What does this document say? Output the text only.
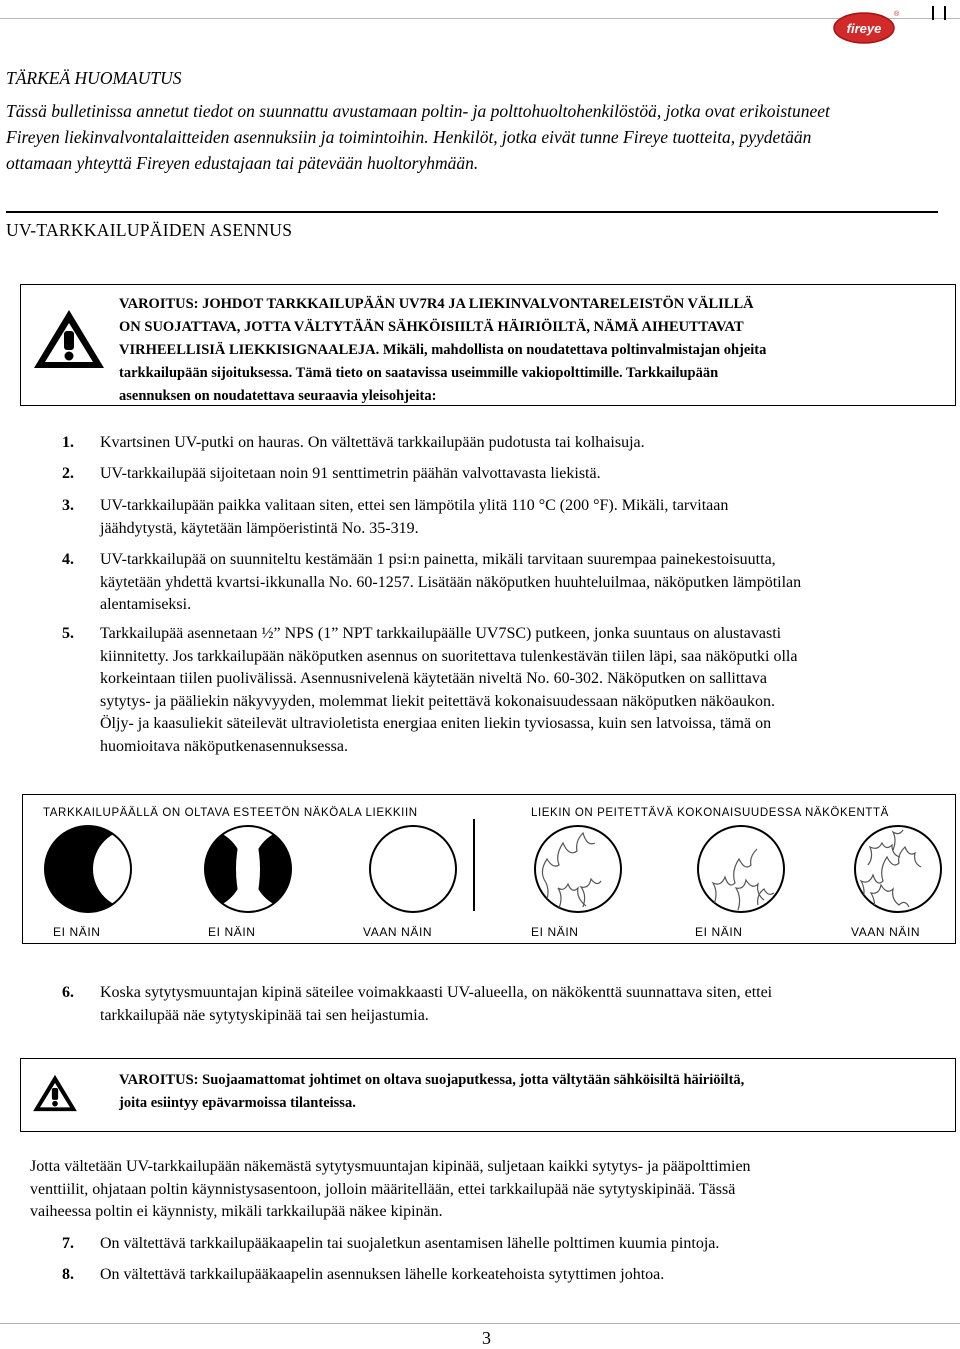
fireye
®
TÄRKEÄ HUOMAUTUS
Tässä bulletinissa annetut tiedot on suunnattu avustamaan poltin- ja polttohuoltohenkilöstöä, jotka ovat erikoistuneet
Fireyen liekinvalvontalaitteiden asennuksiin ja toimintoihin. Henkilöt, jotka eivät tunne Fireye tuotteita, pyydetään
ottamaan yhteyttä Fireyen edustajaan tai pätevään huoltoryhmään.
UV-TARKKAILUPÄIDEN ASENNUS
VAROITUS: JOHDOT TARKKAILUPÄÄN UV7R4 JA LIEKINVALVONTARELEISTÖN VÄLILLÄ
ON SUOJATTAVA, JOTTA VÄLTYTÄÄN SÄHKÖISIILTÄ HÄIRIÖILTÄ, NÄMÄ AIHEUTTAVAT
VIRHEELLISIÄ LIEKKISIGNAALEJA. Mikäli, mahdollista on noudatettava poltinvalmistajan ohjeita
tarkkailupään sijoituksessa. Tämä tieto on saatavissa useimmille vakiopolttimille. Tarkkailupään
asennuksen on noudatettava seuraavia yleisohjeita:
1. Kvartsinen UV-putki on hauras. On vältettävä tarkkailupään pudotusta tai kolhaisuja.
2. UV-tarkkailupää sijoitetaan noin 91 senttimetrin päähän valvottavasta liekistä.
3. UV-tarkkailupään paikka valitaan siten, ettei sen lämpötila ylitä 110 °C (200 °F). Mikäli, tarvitaan
jäähdytystä, käytetään lämpöeristintä No. 35-319.
4. UV-tarkkailupää on suunniteltu kestämään 1 psi:n painetta, mikäli tarvitaan suurempaa painekestoisuutta,
käytetään yhdettä kvartsi-ikkunalla No. 60-1257. Lisätään näköputken huuhteluilmaa, näköputken lämpötilan
alentamiseksi.
5. Tarkkailupää asennetaan ½” NPS (1” NPT tarkkailupäälle UV7SC) putkeen, jonka suuntaus on alustavasti
kiinnitetty. Jos tarkkailupään näköputken asennus on suoritettava tulenkestävän tiilen läpi, saa näköputki olla
korkeintaan tiilen puolivälissä. Asennusnivelenä käytetään niveltä No. 60-302. Näköputken on sallittava
sytytys- ja pääliekin näkyvyyden, molemmat liekit peitettävä kokonaisuudessaan näköputken näköaukon.
Öljy- ja kaasuliekit säteilevät ultravioletista energiaa eniten liekin tyviosassa, kuin sen latvoissa, tämä on
huomioitava näköputkenasennuksessa.
TARKKAILUPÄÄLLÄ ON OLTAVA ESTEETÖN NÄKÖALA LIEKKIIN	LIEKIN ON PEITETTÄVÄ KOKONAISUUDESSA NÄKÖKENTTÄ
EI NÄIN	EI NÄIN	VAAN NÄIN	EI NÄIN	EI NÄIN	VAAN NÄIN
6. Koska sytytysmuuntajan kipinä säteilee voimakkaasti UV-alueella, on näkökenttä suunnattava siten, ettei
tarkkailupää näe sytytyskipinää tai sen heijastumia.
VAROITUS: Suojaamattomat johtimet on oltava suojaputkessa, jotta vältytään sähköisiltä häiriöiltä,
joita esiintyy epävarmoissa tilanteissa.
Jotta vältetään UV-tarkkailupään näkemästä sytytysmuuntajan kipinää, suljetaan kaikki sytytys- ja pääpolttimien
venttiilit, ohjataan poltin käynnistysasentoon, jolloin määritellään, ettei tarkkailupää näe sytytyskipinää. Tässä
vaiheessa poltin ei käynnisty, mikäli tarkkailupää näkee kipinän.
7. On vältettävä tarkkailupääkaapelin tai suojaletkun asentamisen lähelle polttimen kuumia pintoja.
8. On vältettävä tarkkailupääkaapelin asennuksen lähelle korkeatehoista sytyttimen johtoa.
3
